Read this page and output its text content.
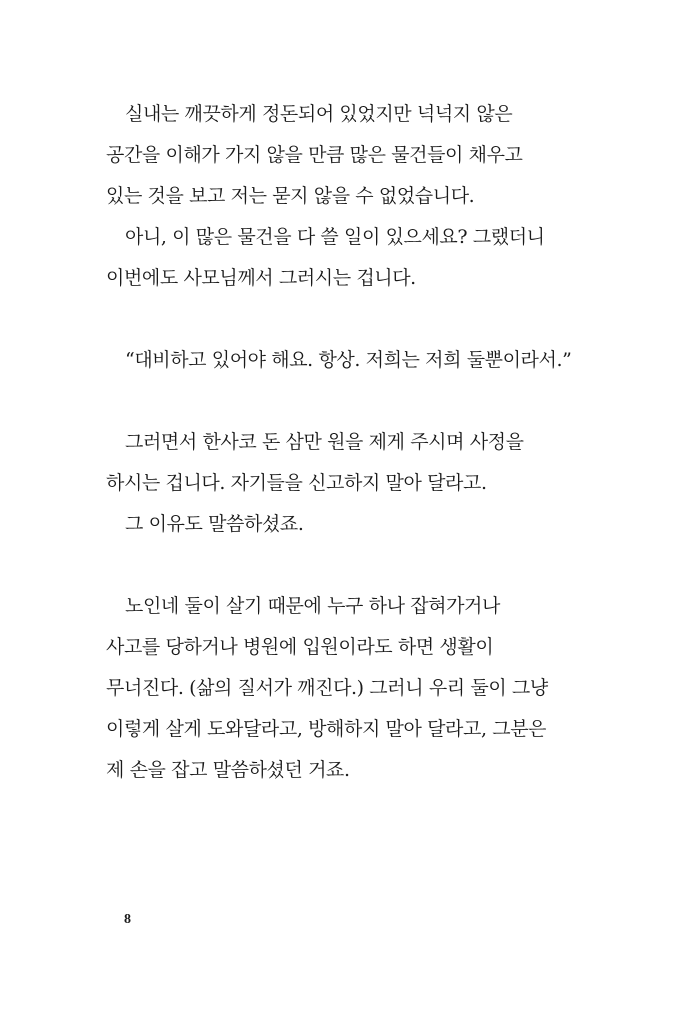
실내는 깨끗하게 정돈되어 있었지만 넉넉지 않은
공간을 이해가 가지 않을 만큼 많은 물건들이 채우고
있는 것을 보고 저는 묻지 않을 수 없었습니다.
아니, 이 많은 물건을 다 쓸 일이 있으세요? 그랬더니
이번에도 사모님께서 그러시는 겁니다.
“대비하고 있어야 해요. 항상. 저희는 저희 둘뿐이라서.”
그러면서 한사코 돈 삼만 원을 제게 주시며 사정을
하시는 겁니다. 자기들을 신고하지 말아 달라고.
그 이유도 말씀하셨죠.
노인네 둘이 살기 때문에 누구 하나 잡혀가거나
사고를 당하거나 병원에 입원이라도 하면 생활이
무너진다. (삶의 질서가 깨진다.) 그러니 우리 둘이 그냥
이렇게 살게 도와달라고, 방해하지 말아 달라고, 그분은
제 손을 잡고 말씀하셨던 거죠.
8
